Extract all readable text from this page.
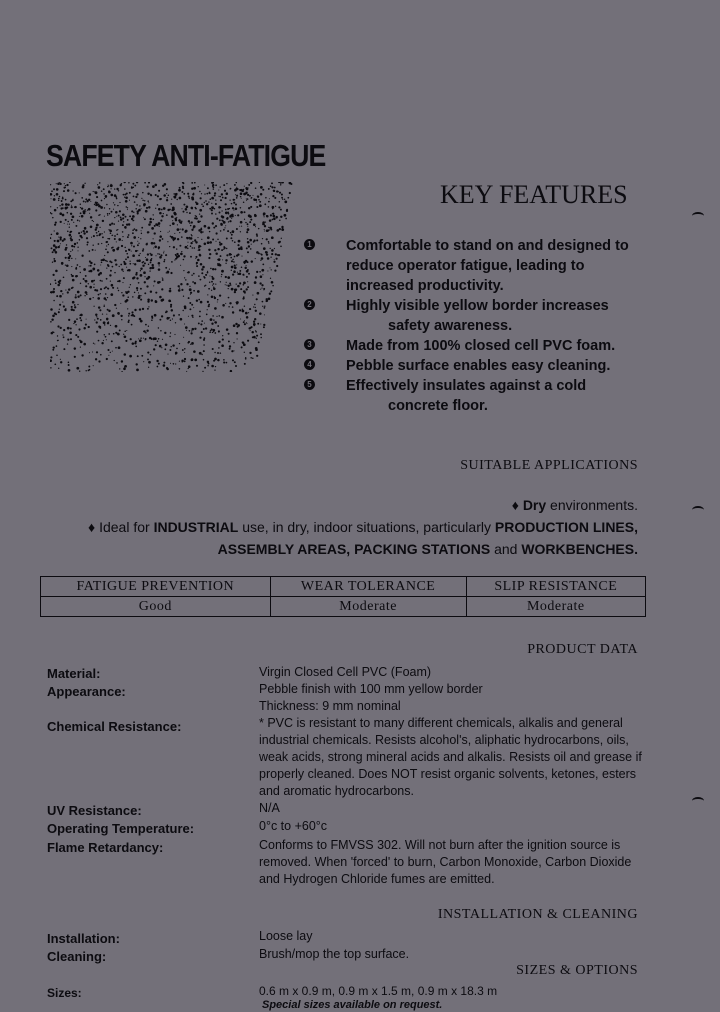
SAFETY ANTI-FATIGUE
KEY FEATURES
1 Comfortable to stand on and designed to
reduce operator fatigue, leading to
increased productivity.
2 Highly visible yellow border increases
safety awareness.
3 Made from 100% closed cell PVC foam.
4 Pebble surface enables easy cleaning.
5 Effectively insulates against a cold
concrete floor.
SUITABLE APPLICATIONS
♦ Dry environments.
♦ Ideal for INDUSTRIAL use, in dry, indoor situations, particularly PRODUCTION LINES,
ASSEMBLY AREAS, PACKING STATIONS and WORKBENCHES.
FATIGUE PREVENTION	WEAR TOLERANCE	SLIP RESISTANCE
Good	Moderate	Moderate
PRODUCT DATA
Material:	Virgin Closed Cell PVC (Foam)
Appearance:	Pebble finish with 100 mm yellow border
Thickness: 9 mm nominal
Chemical Resistance:	* PVC is resistant to many different chemicals, alkalis and general industrial chemicals. Resists alcohol's, aliphatic hydrocarbons, oils, weak acids, strong mineral acids and alkalis. Resists oil and grease if properly cleaned. Does NOT resist organic solvents, ketones, esters and aromatic hydrocarbons.
UV Resistance:	N/A
Operating Temperature:	0°c to +60°c
Flame Retardancy:	Conforms to FMVSS 302. Will not burn after the ignition source is removed. When 'forced' to burn, Carbon Monoxide, Carbon Dioxide and Hydrogen Chloride fumes are emitted.
INSTALLATION & CLEANING
Installation:	Loose lay
Cleaning:	Brush/mop the top surface.
SIZES & OPTIONS
Sizes:	0.6 m x 0.9 m, 0.9 m x 1.5 m, 0.9 m x 18.3 m
Special sizes available on request.
